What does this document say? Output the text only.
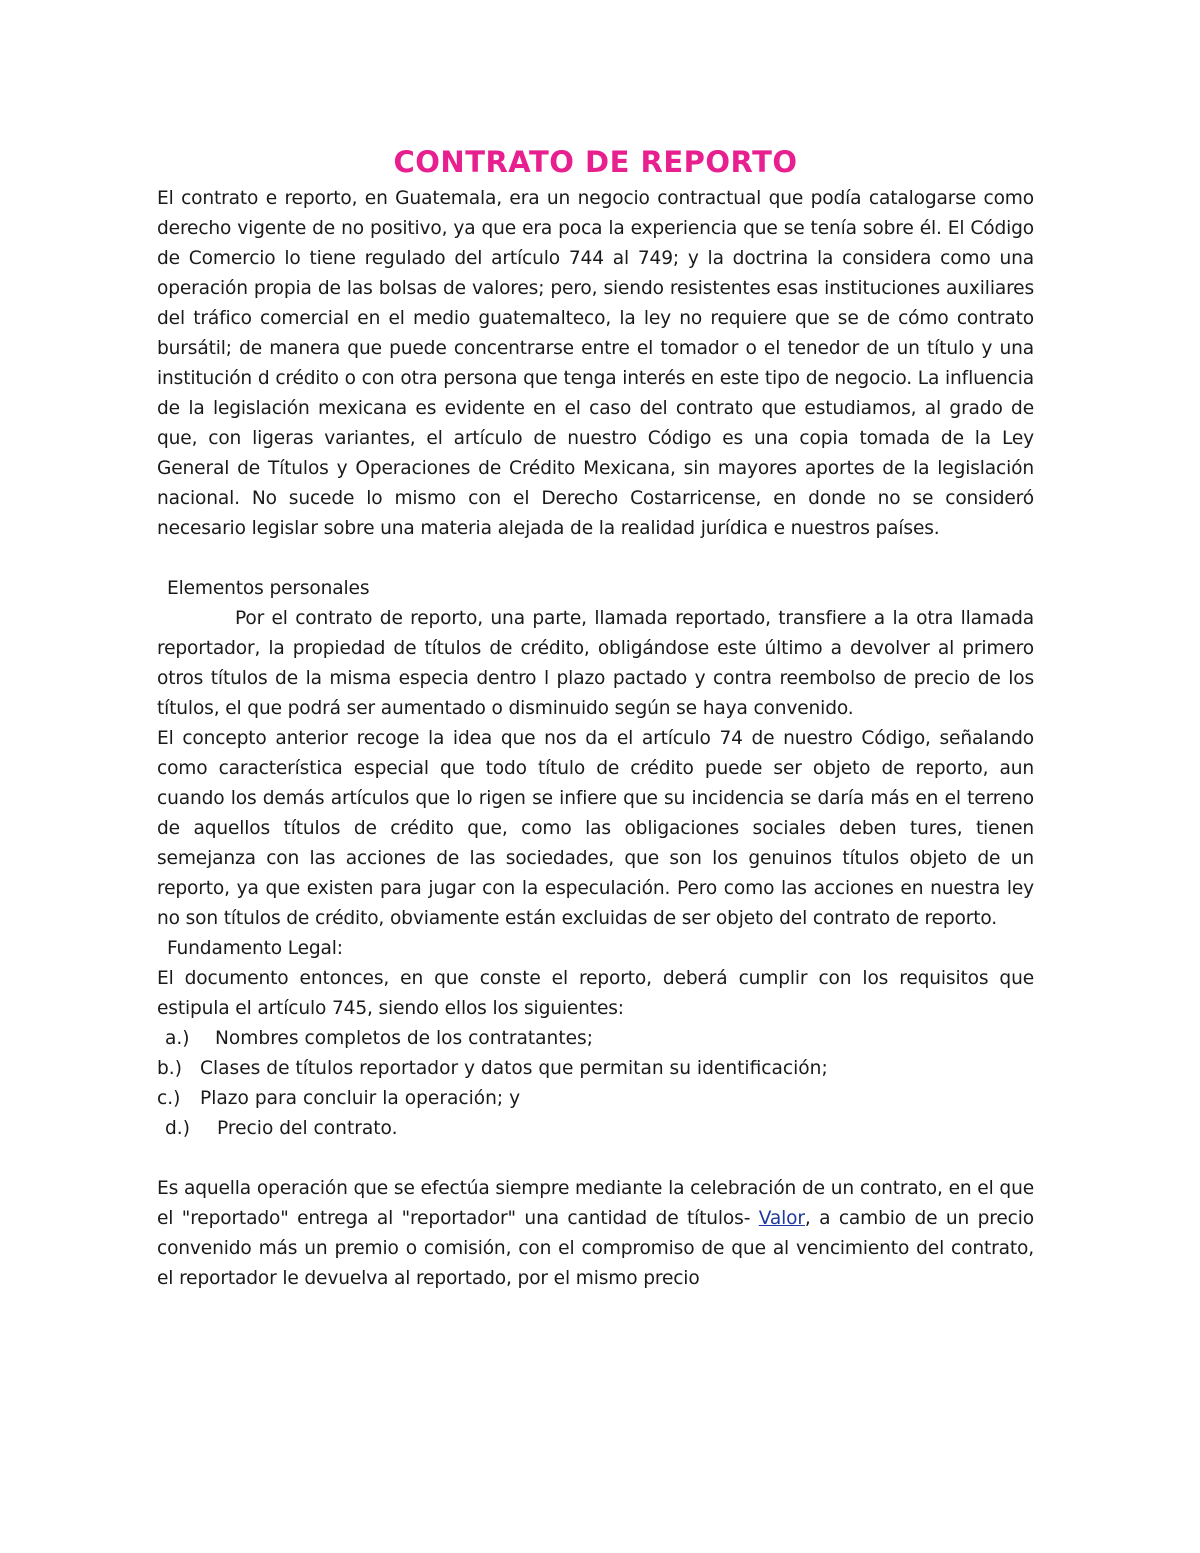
CONTRATO DE REPORTO

El contrato e reporto, en Guatemala, era un negocio contractual que podía catalogarse como derecho vigente de no positivo, ya que era poca la experiencia que se tenía sobre él. El Código de Comercio lo tiene regulado del artículo 744 al 749; y la doctrina la considera como una operación propia de las bolsas de valores; pero, siendo resistentes esas instituciones auxiliares del tráfico comercial en el medio guatemalteco, la ley no requiere que se de cómo contrato bursátil; de manera que puede concentrarse entre el tomador o el tenedor de un título y una institución d crédito o con otra persona que tenga interés en este tipo de negocio. La influencia de la legislación mexicana es evidente en el caso del contrato que estudiamos, al grado de que, con ligeras variantes, el artículo de nuestro Código es una copia tomada de la Ley General de Títulos y Operaciones de Crédito Mexicana, sin mayores aportes de la legislación nacional. No sucede lo mismo con el Derecho Costarricense, en donde no se consideró necesario legislar sobre una materia alejada de la realidad jurídica e nuestros países.

Elementos personales

Por el contrato de reporto, una parte, llamada reportado, transfiere a la otra llamada reportador, la propiedad de títulos de crédito, obligándose este último a devolver al primero otros títulos de la misma especia dentro l plazo pactado y contra reembolso de precio de los títulos, el que podrá ser aumentado o disminuido según se haya convenido.

El concepto anterior recoge la idea que nos da el artículo 74 de nuestro Código, señalando como característica especial que todo título de crédito puede ser objeto de reporto, aun cuando los demás artículos que lo rigen se infiere que su incidencia se daría más en el terreno de aquellos títulos de crédito que, como las obligaciones sociales deben tures, tienen semejanza con las acciones de las sociedades, que son los genuinos títulos objeto de un reporto, ya que existen para jugar con la especulación. Pero como las acciones en nuestra ley no son títulos de crédito, obviamente están excluidas de ser objeto del contrato de reporto.

Fundamento Legal:

El documento entonces, en que conste el reporto, deberá cumplir con los requisitos que estipula el artículo 745, siendo ellos los siguientes:

a.) Nombres completos de los contratantes;

b.) Clases de títulos reportador y datos que permitan su identificación;

c.) Plazo para concluir la operación; y

d.) Precio del contrato.

Es aquella operación que se efectúa siempre mediante la celebración de un contrato, en el que el "reportado" entrega al "reportador" una cantidad de títulos- Valor, a cambio de un precio convenido más un premio o comisión, con el compromiso de que al vencimiento del contrato, el reportador le devuelva al reportado, por el mismo precio
